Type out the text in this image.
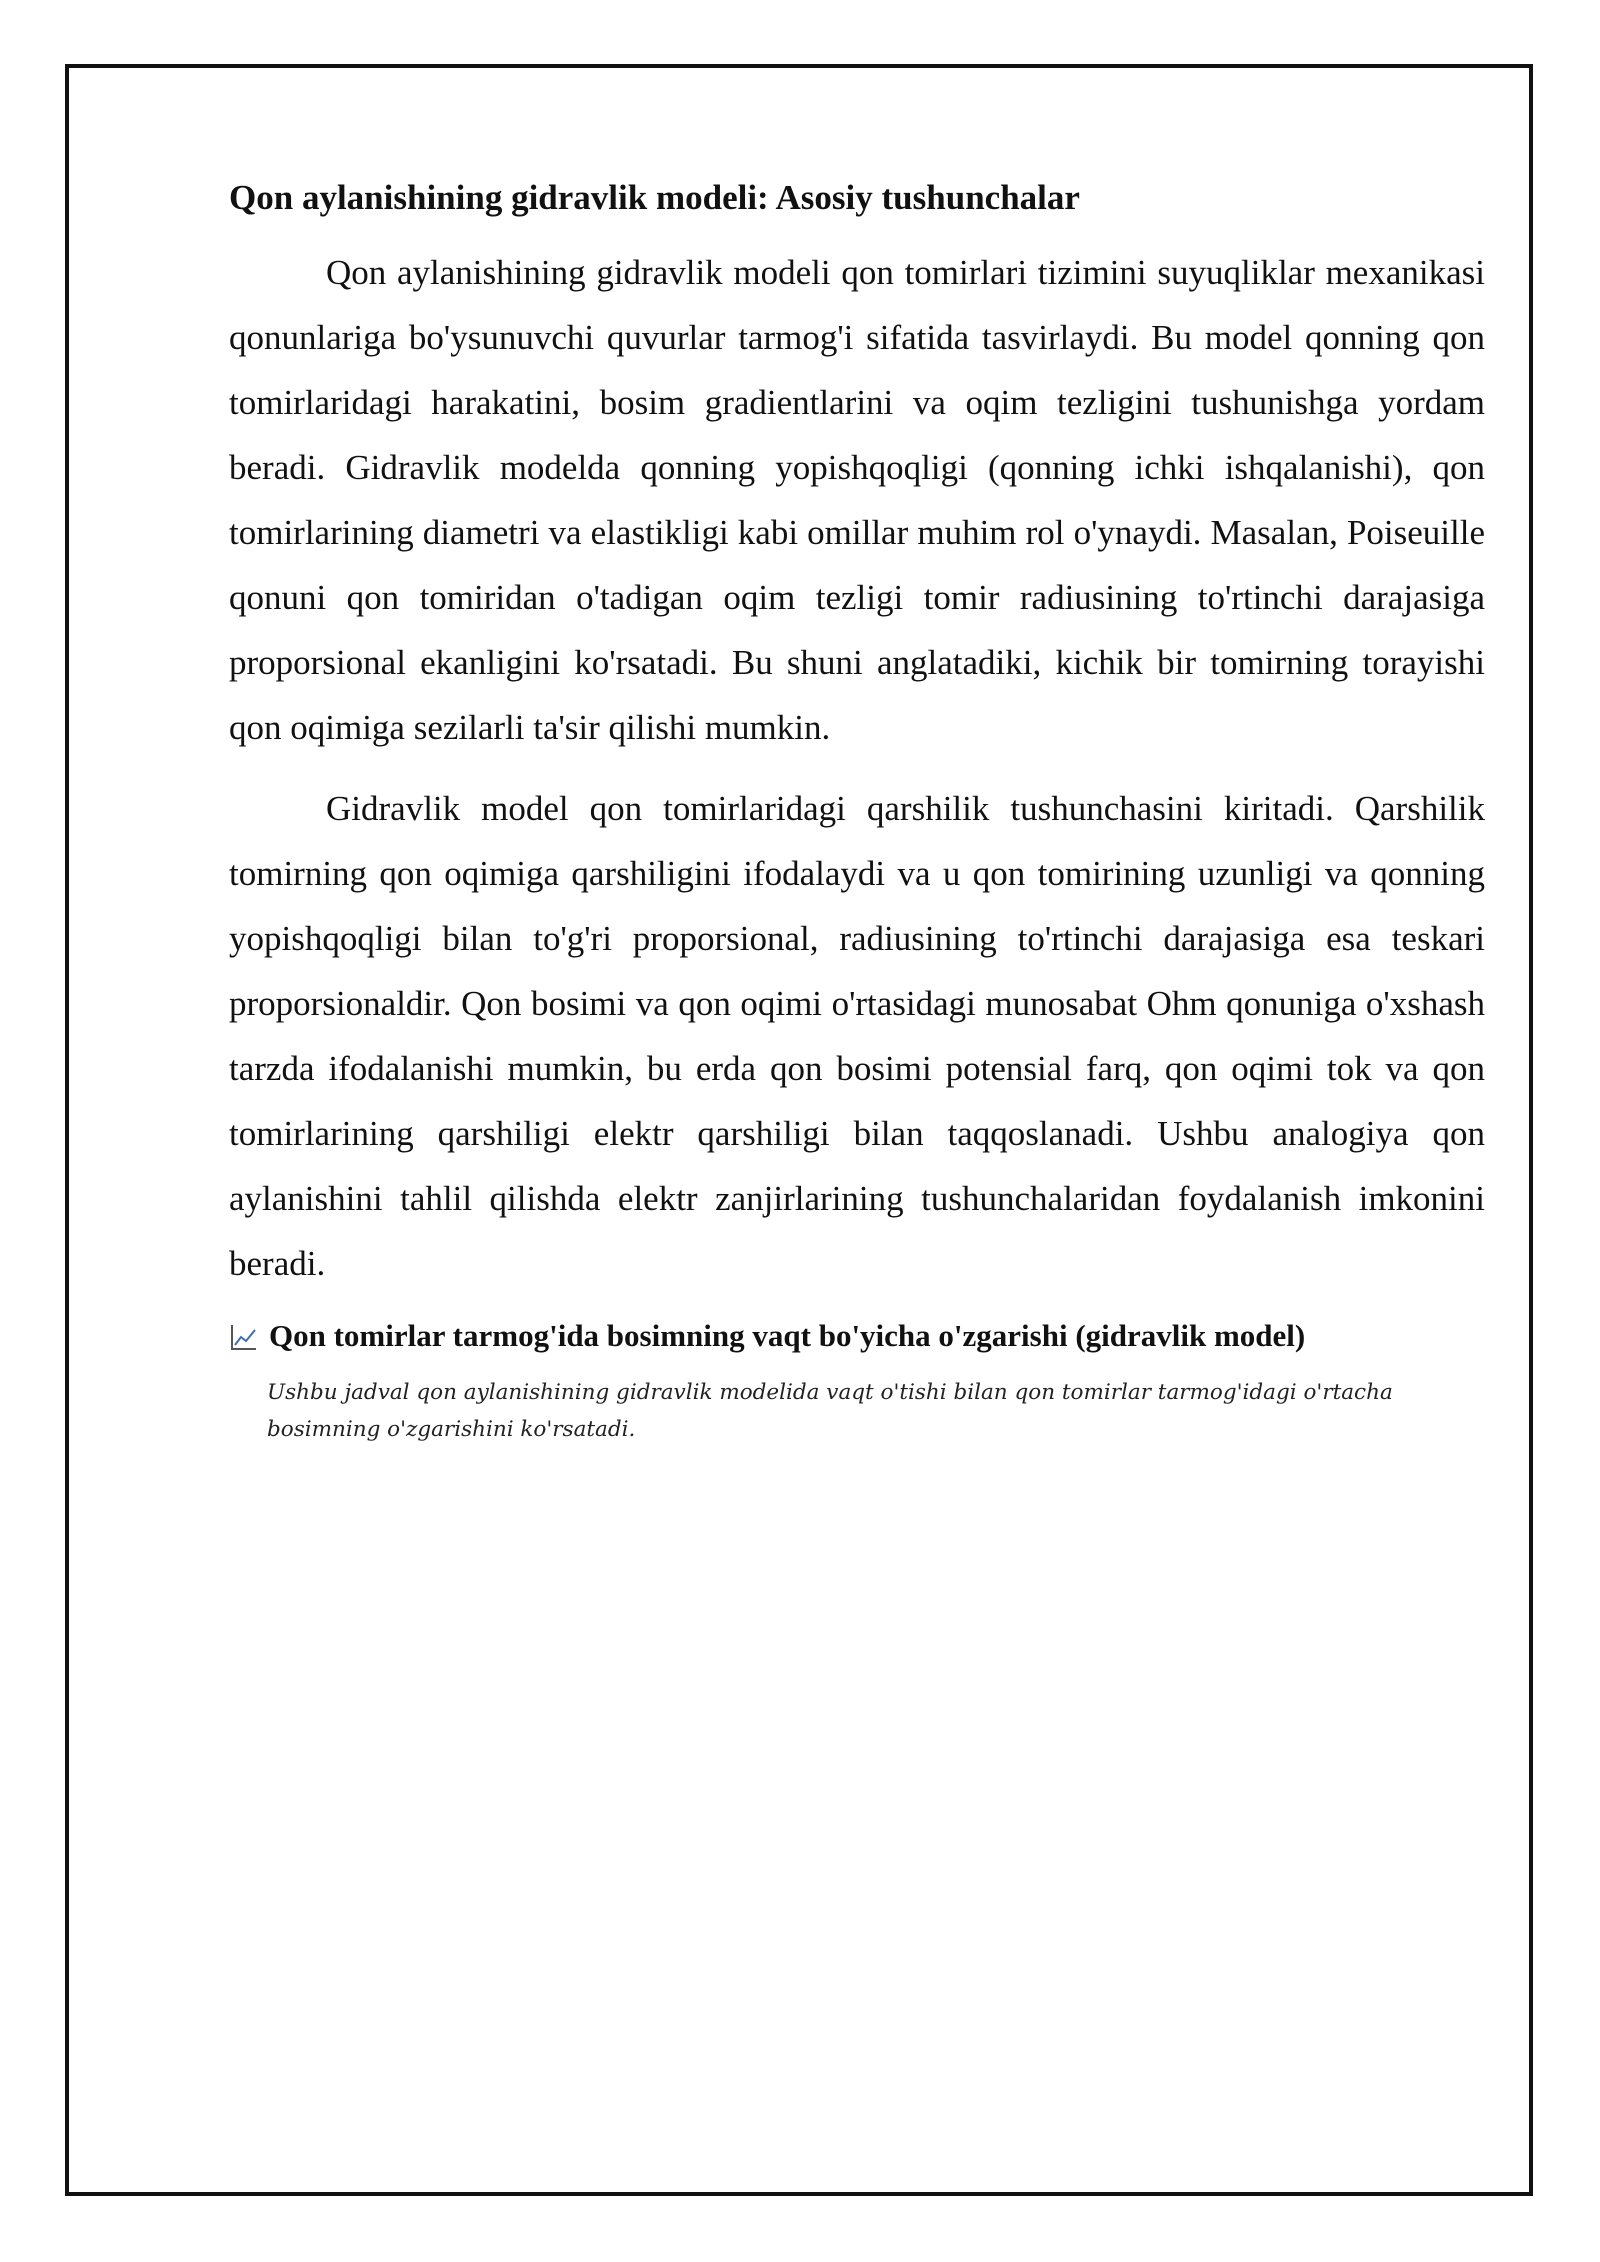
Qon aylanishining gidravlik modeli: Asosiy tushunchalar

Qon aylanishining gidravlik modeli qon tomirlari tizimini suyuqliklar mexanikasi qonunlariga bo'ysunuvchi quvurlar tarmog'i sifatida tasvirlaydi. Bu model qonning qon tomirlaridagi harakatini, bosim gradientlarini va oqim tezligini tushunishga yordam beradi. Gidravlik modelda qonning yopishqoqligi (qonning ichki ishqalanishi), qon tomirlarining diametri va elastikligi kabi omillar muhim rol o'ynaydi. Masalan, Poiseuille qonuni qon tomiridan o'tadigan oqim tezligi tomir radiusining to'rtinchi darajasiga proporsional ekanligini ko'rsatadi. Bu shuni anglatadiki, kichik bir tomirning torayishi qon oqimiga sezilarli ta'sir qilishi mumkin.

Gidravlik model qon tomirlaridagi qarshilik tushunchasini kiritadi. Qarshilik tomirning qon oqimiga qarshiligini ifodalaydi va u qon tomirining uzunligi va qonning yopishqoqligi bilan to'g'ri proporsional, radiusining to'rtinchi darajasiga esa teskari proporsionaldir. Qon bosimi va qon oqimi o'rtasidagi munosabat Ohm qonuniga o'xshash tarzda ifodalanishi mumkin, bu erda qon bosimi potensial farq, qon oqimi tok va qon tomirlarining qarshiligi elektr qarshiligi bilan taqqoslanadi. Ushbu analogiya qon aylanishini tahlil qilishda elektr zanjirlarining tushunchalaridan foydalanish imkonini beradi.

Qon tomirlar tarmog'ida bosimning vaqt bo'yicha o'zgarishi (gidravlik model)
Ushbu jadval qon aylanishining gidravlik modelida vaqt o'tishi bilan qon tomirlar tarmog'idagi o'rtacha bosimning o'zgarishini ko'rsatadi.
